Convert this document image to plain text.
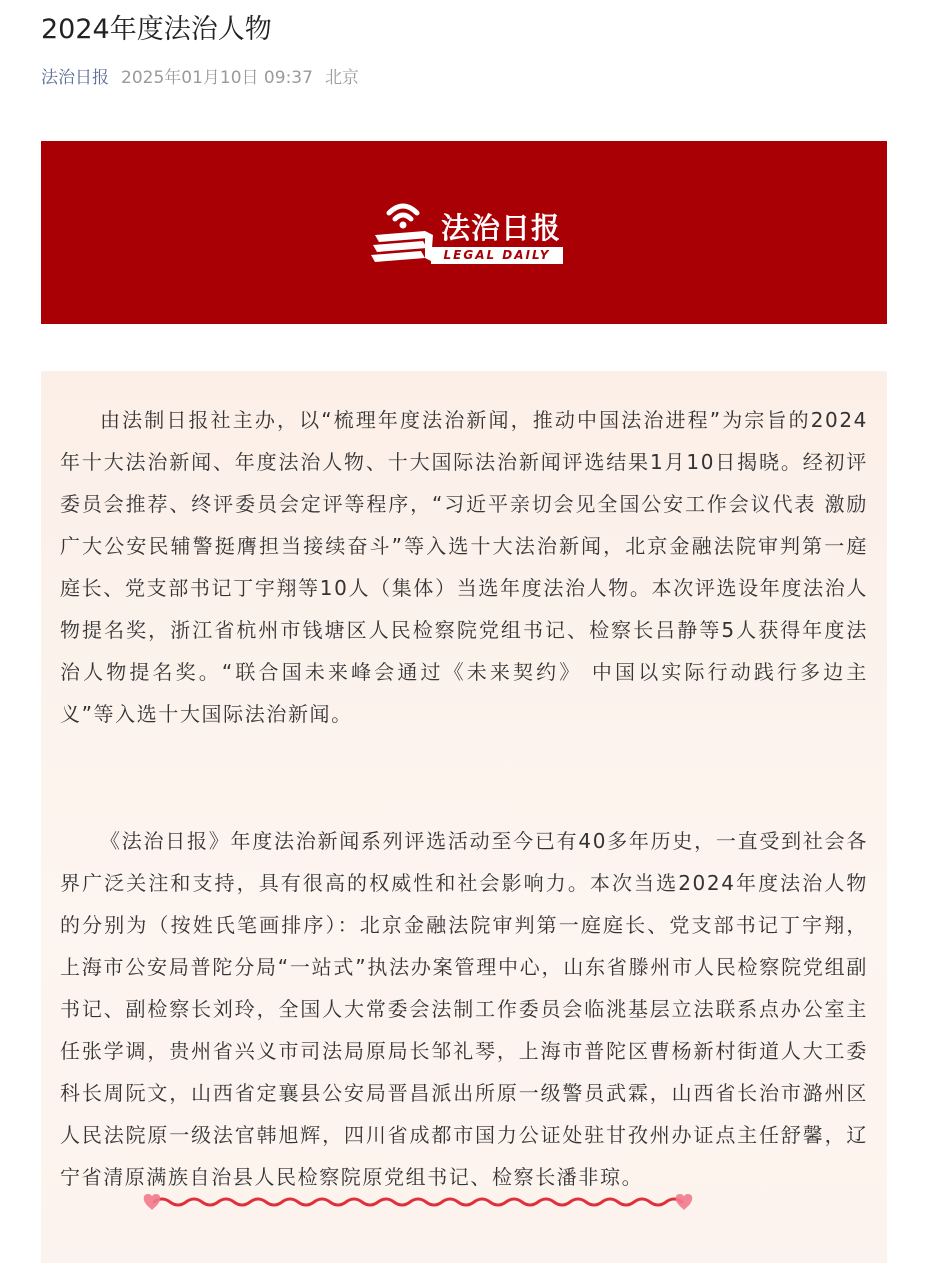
2024年度法治人物
法治日报 2025年01月10日 09:37 北京
法治日报
LEGAL DAILY

由法制日报社主办，以“梳理年度法治新闻，推动中国法治进程”为宗旨的2024年十大法治新闻、年度法治人物、十大国际法治新闻评选结果1月10日揭晓。经初评委员会推荐、终评委员会定评等程序，“习近平亲切会见全国公安工作会议代表 激励广大公安民辅警挺膺担当接续奋斗”等入选十大法治新闻，北京金融法院审判第一庭庭长、党支部书记丁宇翔等10人（集体）当选年度法治人物。本次评选设年度法治人物提名奖，浙江省杭州市钱塘区人民检察院党组书记、检察长吕静等5人获得年度法治人物提名奖。“联合国未来峰会通过《未来契约》 中国以实际行动践行多边主义”等入选十大国际法治新闻。

《法治日报》年度法治新闻系列评选活动至今已有40多年历史，一直受到社会各界广泛关注和支持，具有很高的权威性和社会影响力。本次当选2024年度法治人物的分别为（按姓氏笔画排序）：北京金融法院审判第一庭庭长、党支部书记丁宇翔，上海市公安局普陀分局“一站式”执法办案管理中心，山东省滕州市人民检察院党组副书记、副检察长刘玲，全国人大常委会法制工作委员会临洮基层立法联系点办公室主任张学调，贵州省兴义市司法局原局长邹礼琴，上海市普陀区曹杨新村街道人大工委科长周阮文，山西省定襄县公安局晋昌派出所原一级警员武霖，山西省长治市潞州区人民法院原一级法官韩旭辉，四川省成都市国力公证处驻甘孜州办证点主任舒馨，辽宁省清原满族自治县人民检察院原党组书记、检察长潘非琼。
